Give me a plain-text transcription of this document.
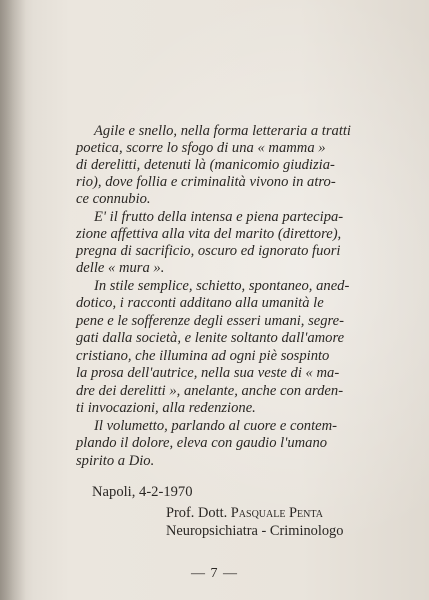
Agile e snello, nella forma letteraria a tratti
poetica, scorre lo sfogo di una « mamma »
di derelitti, detenuti là (manicomio giudizia-
rio), dove follia e criminalità vivono in atro-
ce connubio.
E' il frutto della intensa e piena partecipa-
zione affettiva alla vita del marito (direttore),
pregna di sacrificio, oscuro ed ignorato fuori
delle « mura ».
In stile semplice, schietto, spontaneo, aned-
dotico, i racconti additano alla umanità le
pene e le sofferenze degli esseri umani, segre-
gati dalla società, e lenite soltanto dall'amore
cristiano, che illumina ad ogni piè sospinto
la prosa dell'autrice, nella sua veste di « ma-
dre dei derelitti », anelante, anche con arden-
ti invocazioni, alla redenzione.
Il volumetto, parlando al cuore e contem-
plando il dolore, eleva con gaudio l'umano
spirito a Dio.
Napoli, 4-2-1970
Prof. Dott. Pasquale Penta
Neuropsichiatra - Criminologo
— 7 —
